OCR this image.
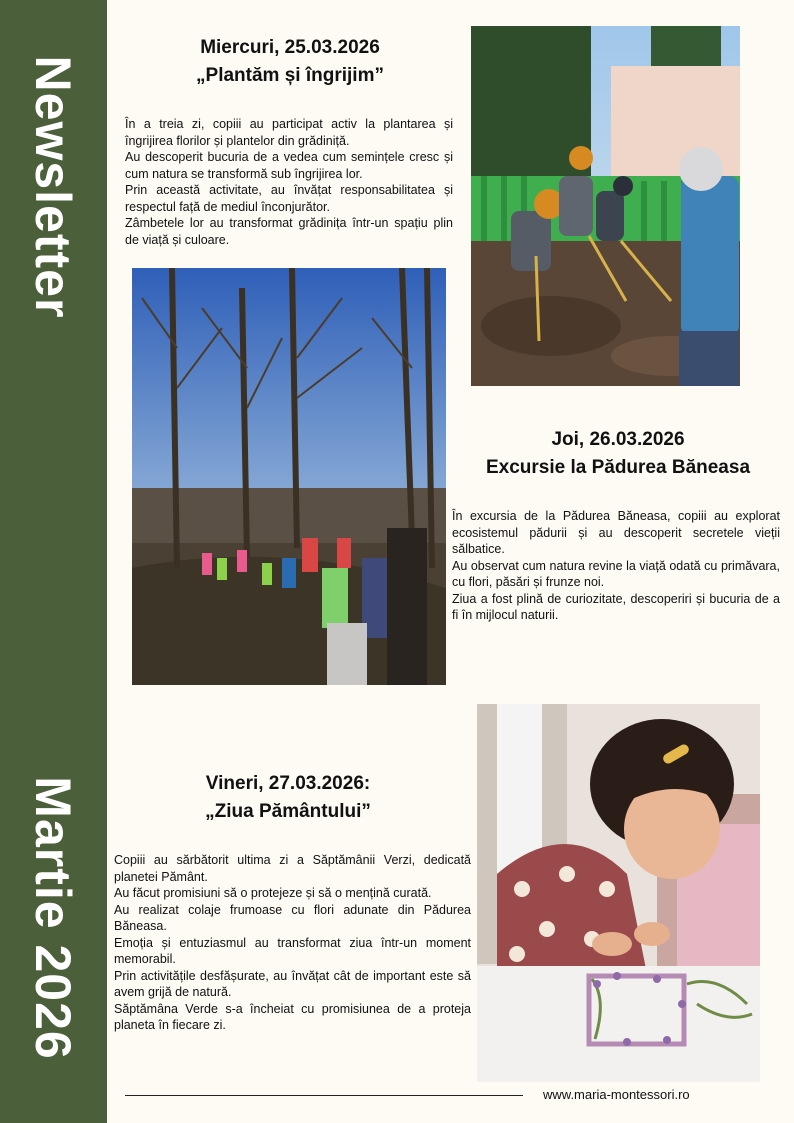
Newsletter
Martie 2026
Miercuri, 25.03.2026
„Plantăm și îngrijim”

În a treia zi, copiii au participat activ la plantarea și îngrijirea florilor și plantelor din grădiniță.

Au descoperit bucuria de a vedea cum semințele cresc și cum natura se transformă sub îngrijirea lor.

Prin această activitate, au învățat responsabilitatea și respectul față de mediul înconjurător.

Zâmbetele lor au transformat grădinița într-un spațiu plin de viață și culoare.

Joi, 26.03.2026
Excursie la Pădurea Băneasa

În excursia de la Pădurea Băneasa, copiii au explorat ecosistemul pădurii și au descoperit secretele vieții sălbatice.

Au observat cum natura revine la viață odată cu primăvara, cu flori, păsări și frunze noi.

Ziua a fost plină de curiozitate, descoperiri și bucuria de a fi în mijlocul naturii.

Vineri, 27.03.2026:
„Ziua Pământului”

Copiii au sărbătorit ultima zi a Săptămânii Verzi, dedicată planetei Pământ.

Au făcut promisiuni să o protejeze și să o mențină curată.

Au realizat colaje frumoase cu flori adunate din Pădurea Băneasa.

Emoția și entuziasmul au transformat ziua într-un moment memorabil.

Prin activitățile desfășurate, au învățat cât de important este să avem grijă de natură.

Săptămâna Verde s-a încheiat cu promisiunea de a proteja planeta în fiecare zi.

www.maria-montessori.ro
